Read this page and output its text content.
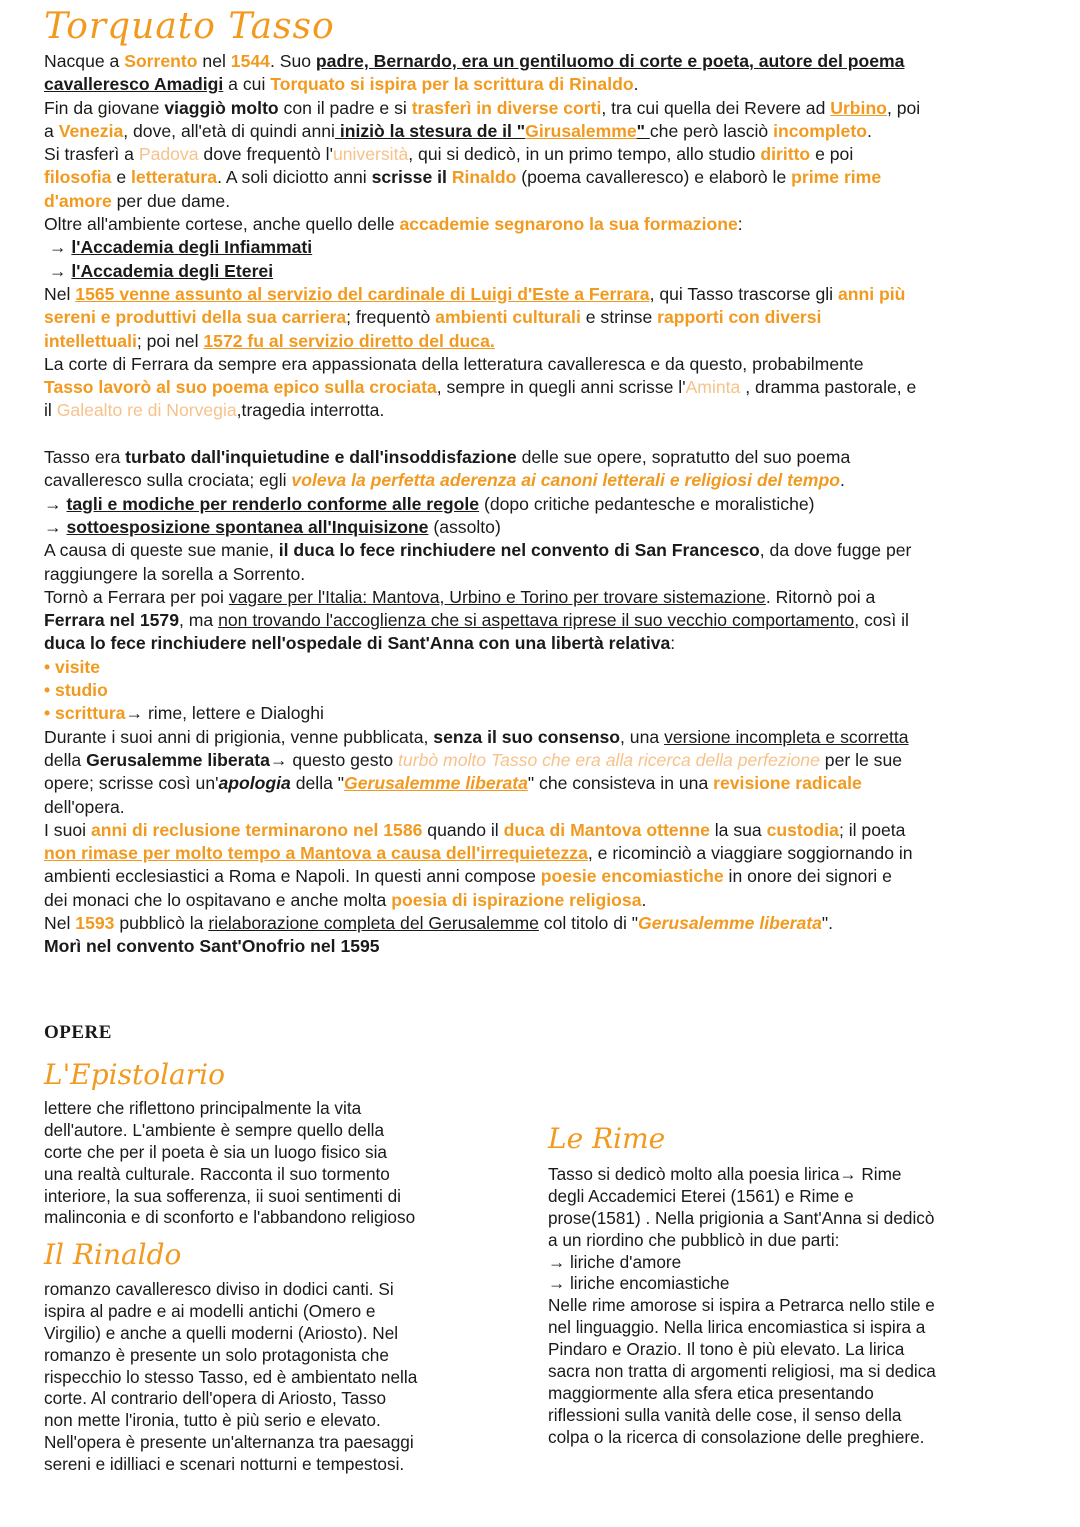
Torquato Tasso
Nacque a Sorrento nel 1544. Suo padre, Bernardo, era un gentiluomo di corte e poeta, autore del poema
cavalleresco Amadigi a cui Torquato si ispira per la scrittura di Rinaldo.
Fin da giovane viaggiò molto con il padre e si trasferì in diverse corti, tra cui quella dei Revere ad Urbino, poi
a Venezia, dove, all'età di quindi anni iniziò la stesura de il "Girusalemme" che però lasciò incompleto.
Si trasferì a Padova dove frequentò l'università, qui si dedicò, in un primo tempo, allo studio diritto e poi
filosofia e letteratura. A soli diciotto anni scrisse il Rinaldo (poema cavalleresco) e elaborò le prime rime
d'amore per due dame.
Oltre all'ambiente cortese, anche quello delle accademie segnarono la sua formazione:
→ l'Accademia degli Infiammati
→ l'Accademia degli Eterei
Nel 1565 venne assunto al servizio del cardinale di Luigi d'Este a Ferrara, qui Tasso trascorse gli anni più
sereni e produttivi della sua carriera; frequentò ambienti culturali e strinse rapporti con diversi
intellettuali; poi nel 1572 fu al servizio diretto del duca.
La corte di Ferrara da sempre era appassionata della letteratura cavalleresca e da questo, probabilmente
Tasso lavorò al suo poema epico sulla crociata, sempre in quegli anni scrisse l'Aminta , dramma pastorale, e
il Galealto re di Norvegia,tragedia interrotta.
Tasso era turbato dall'inquietudine e dall'insoddisfazione delle sue opere, sopratutto del suo poema
cavalleresco sulla crociata; egli voleva la perfetta aderenza ai canoni letterali e religiosi del tempo.
→ tagli e modiche per renderlo conforme alle regole (dopo critiche pedantesche e moralistiche)
→ sottoesposizione spontanea all'Inquisizone (assolto)
A causa di queste sue manie, il duca lo fece rinchiudere nel convento di San Francesco, da dove fugge per
raggiungere la sorella a Sorrento.
Tornò a Ferrara per poi vagare per l'Italia: Mantova, Urbino e Torino per trovare sistemazione. Ritornò poi a
Ferrara nel 1579, ma non trovando l'accoglienza che si aspettava riprese il suo vecchio comportamento, così il
duca lo fece rinchiudere nell'ospedale di Sant'Anna con una libertà relativa:
• visite
• studio
• scrittura→ rime, lettere e Dialoghi
Durante i suoi anni di prigionia, venne pubblicata, senza il suo consenso, una versione incompleta e scorretta
della Gerusalemme liberata→ questo gesto turbò molto Tasso che era alla ricerca della perfezione per le sue
opere; scrisse così un'apologia della "Gerusalemme liberata" che consisteva in una revisione radicale
dell'opera.
I suoi anni di reclusione terminarono nel 1586 quando il duca di Mantova ottenne la sua custodia; il poeta
non rimase per molto tempo a Mantova a causa dell'irrequietezza, e ricominciò a viaggiare soggiornando in
ambienti ecclesiastici a Roma e Napoli. In questi anni compose poesie encomiastiche in onore dei signori e
dei monaci che lo ospitavano e anche molta poesia di ispirazione religiosa.
Nel 1593 pubblicò la rielaborazione completa del Gerusalemme col titolo di "Gerusalemme liberata".
Morì nel convento Sant'Onofrio nel 1595
OPERE
L'Epistolario
lettere che riflettono principalmente la vita
dell'autore. L'ambiente è sempre quello della
corte che per il poeta è sia un luogo fisico sia
una realtà culturale. Racconta il suo tormento
interiore, la sua sofferenza, ii suoi sentimenti di
malinconia e di sconforto e l'abbandono religioso
Il Rinaldo
romanzo cavalleresco diviso in dodici canti. Si
ispira al padre e ai modelli antichi (Omero e
Virgilio) e anche a quelli moderni (Ariosto). Nel
romanzo è presente un solo protagonista che
rispecchio lo stesso Tasso, ed è ambientato nella
corte. Al contrario dell'opera di Ariosto, Tasso
non mette l'ironia, tutto è più serio e elevato.
Nell'opera è presente un'alternanza tra paesaggi
sereni e idilliaci e scenari notturni e tempestosi.
Le Rime
Tasso si dedicò molto alla poesia lirica→ Rime
degli Accademici Eterei (1561) e Rime e
prose(1581) . Nella prigionia a Sant'Anna si dedicò
a un riordino che pubblicò in due parti:
→ liriche d'amore
→ liriche encomiastiche
Nelle rime amorose si ispira a Petrarca nello stile e
nel linguaggio. Nella lirica encomiastica si ispira a
Pindaro e Orazio. Il tono è più elevato. La lirica
sacra non tratta di argomenti religiosi, ma si dedica
maggiormente alla sfera etica presentando
riflessioni sulla vanità delle cose, il senso della
colpa o la ricerca di consolazione delle preghiere.
